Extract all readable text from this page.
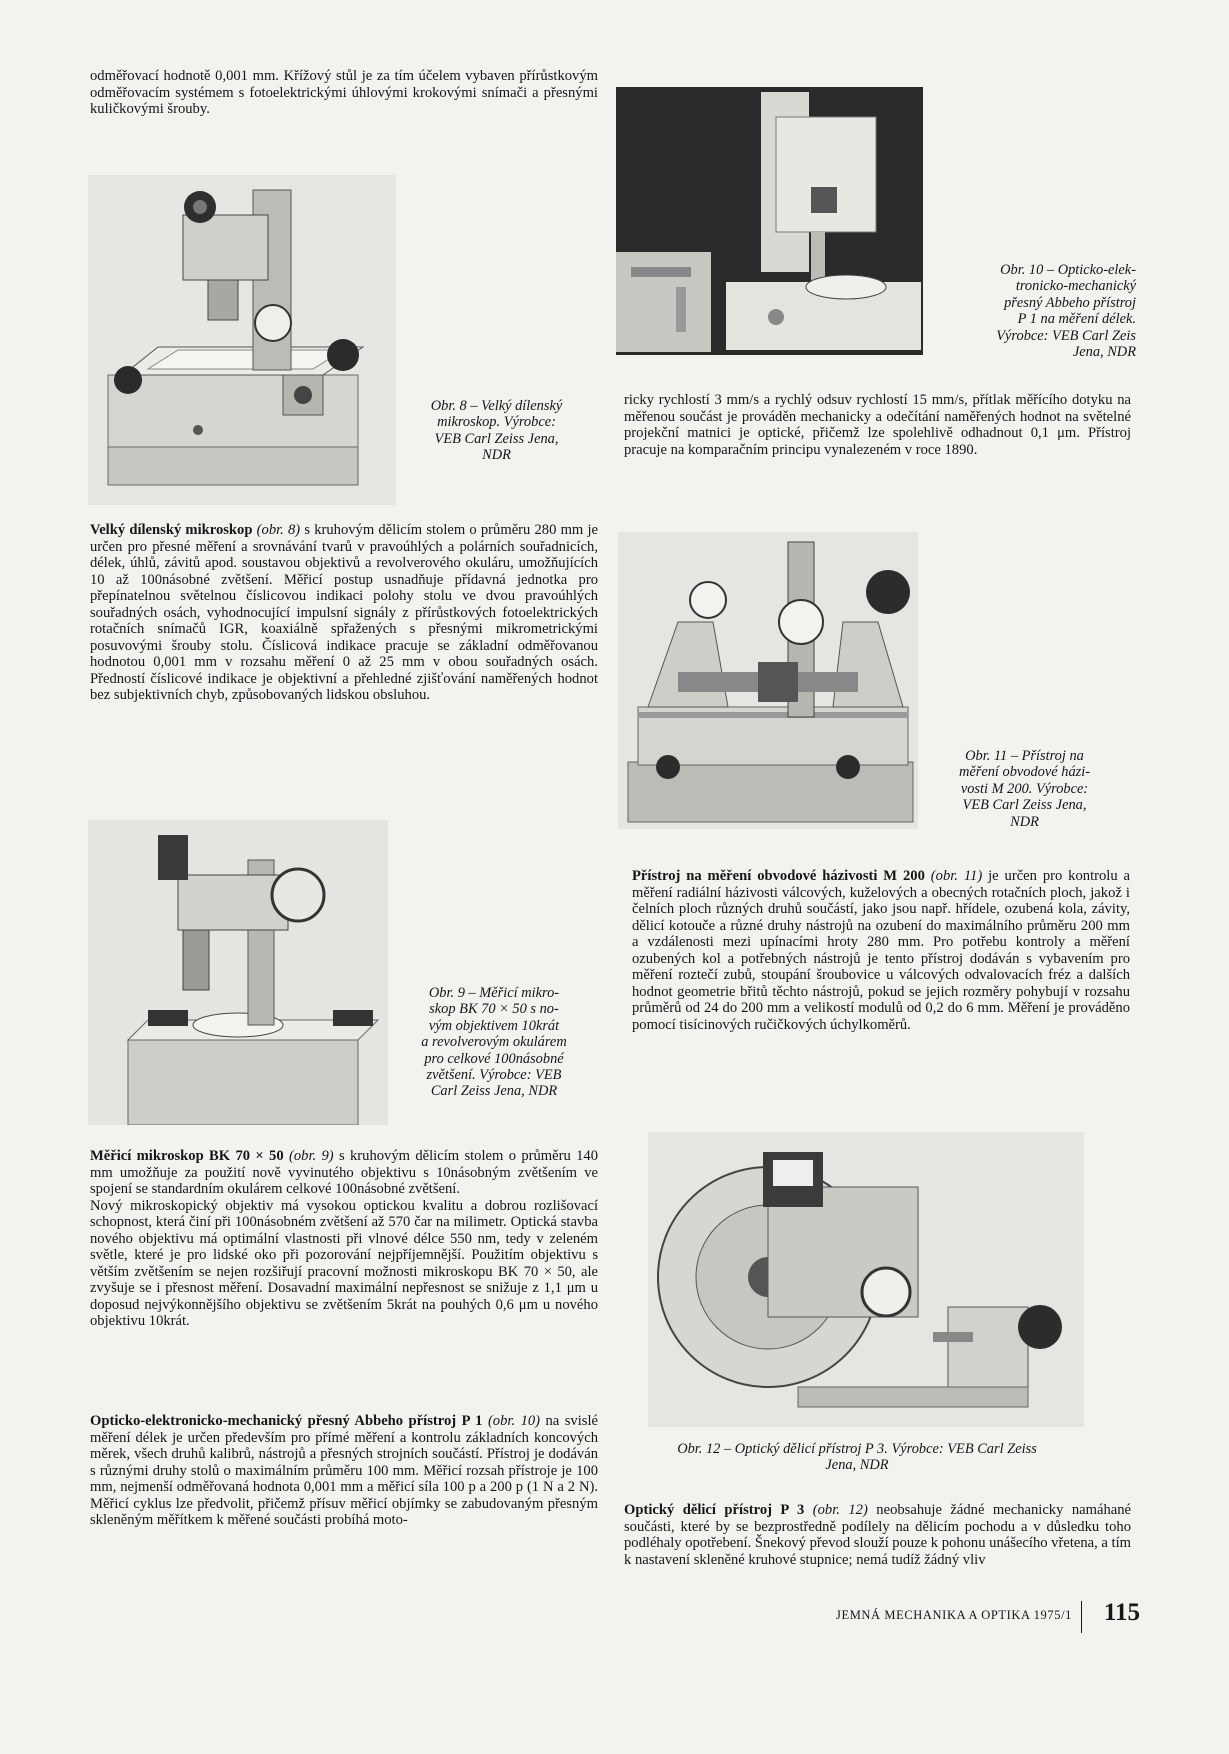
odměřovací hodnotě 0,001 mm. Křížový stůl je za tím účelem vybaven přírůstkovým odměřovacím systémem s fotoelektrickými úhlovými krokovými snímači a přesnými kuličkovými šrouby.

Obr. 8 – Velký dílenský
mikroskop. Výrobce:
VEB Carl Zeiss Jena,
NDR

Velký dílenský mikroskop (obr. 8) s kruhovým dělicím stolem o průměru 280 mm je určen pro přesné měření a srovnávání tvarů v pravoúhlých a polárních souřadnicích, délek, úhlů, závitů apod. soustavou objektivů a revolverového okuláru, umožňujících 10 až 100násobné zvětšení. Měřicí postup usnadňuje přídavná jednotka pro přepínatelnou světelnou číslicovou indikaci polohy stolu ve dvou pravoúhlých souřadných osách, vyhodnocující impulsní signály z přírůstkových fotoelektrických rotačních snímačů IGR, koaxiálně spřažených s přesnými mikrometrickými posuvovými šrouby stolu. Číslicová indikace pracuje se základní odměřovanou hodnotou 0,001 mm v rozsahu měření 0 až 25 mm v obou souřadných osách. Předností číslicové indikace je objektivní a přehledné zjišťování naměřených hodnot bez subjektivních chyb, způsobovaných lidskou obsluhou.

Obr. 9 – Měřicí mikro-
skop BK 70 × 50 s no-
vým objektivem 10krát
a revolverovým okulárem
pro celkové 100násobné
zvětšení. Výrobce: VEB
Carl Zeiss Jena, NDR

Měřicí mikroskop BK 70 × 50 (obr. 9) s kruhovým dělicím stolem o průměru 140 mm umožňuje za použití nově vyvinutého objektivu s 10násobným zvětšením ve spojení se standardním okulárem celkové 100násobné zvětšení.

Nový mikroskopický objektiv má vysokou optickou kvalitu a dobrou rozlišovací schopnost, která činí při 100násobném zvětšení až 570 čar na milimetr. Optická stavba nového objektivu má optimální vlastnosti při vlnové délce 550 nm, tedy v zeleném světle, které je pro lidské oko při pozorování nejpříjemnější. Použitím objektivu s větším zvětšením se nejen rozšiřují pracovní možnosti mikroskopu BK 70 × 50, ale zvyšuje se i přesnost měření. Dosavadní maximální nepřesnost se snižuje z 1,1 μm u doposud nejvýkonnějšího objektivu se zvětšením 5krát na pouhých 0,6 μm u nového objektivu 10krát.

Opticko-elektronicko-mechanický přesný Abbeho přístroj P 1 (obr. 10) na svislé měření délek je určen především pro přímé měření a kontrolu základních koncových měrek, všech druhů kalibrů, nástrojů a přesných strojních součástí. Přístroj je dodáván s různými druhy stolů o maximálním průměru 100 mm. Měřicí rozsah přístroje je 100 mm, nejmenší odměřovaná hodnota 0,001 mm a měřicí síla 100 p a 200 p (1 N a 2 N). Měřicí cyklus lze předvolit, přičemž přísuv měřicí objímky se zabudovaným přesným skleněným měřítkem k měřené součásti probíhá moto-

Obr. 10 – Opticko-elek-
tronicko-mechanický
přesný Abbeho přístroj
P 1 na měření délek.
Výrobce: VEB Carl Zeis
Jena, NDR

ricky rychlostí 3 mm/s a rychlý odsuv rychlostí 15 mm/s, přítlak měřícího dotyku na měřenou součást je prováděn mechanicky a odečítání naměřených hodnot na světelné projekční matnici je optické, přičemž lze spolehlivě odhadnout 0,1 μm. Přístroj pracuje na komparačním principu vynalezeném v roce 1890.

Obr. 11 – Přístroj na
měření obvodové házi-
vosti M 200. Výrobce:
VEB Carl Zeiss Jena,
NDR

Přístroj na měření obvodové házivosti M 200 (obr. 11) je určen pro kontrolu a měření radiální házivosti válcových, kuželových a obecných rotačních ploch, jakož i čelních ploch různých druhů součástí, jako jsou např. hřídele, ozubená kola, závity, dělicí kotouče a různé druhy nástrojů na ozubení do maximálního průměru 200 mm a vzdálenosti mezi upínacími hroty 280 mm. Pro potřebu kontroly a měření ozubených kol a potřebných nástrojů je tento přístroj dodáván s vybavením pro měření roztečí zubů, stoupání šroubovice u válcových odvalovacích fréz a dalších hodnot geometrie břitů těchto nástrojů, pokud se jejich rozměry pohybují v rozsahu průměrů od 24 do 200 mm a velikostí modulů od 0,2 do 6 mm. Měření je prováděno pomocí tisícinových ručičkových úchylkoměrů.

Obr. 12 – Optický dělicí přístroj P 3. Výrobce: VEB Carl Zeiss
Jena, NDR

Optický dělicí přístroj P 3 (obr. 12) neobsahuje žádné mechanicky namáhané součásti, které by se bezprostředně podílely na dělicím pochodu a v důsledku toho podléhaly opotřebení. Šnekový převod slouží pouze k pohonu unášecího vřetena, a tím k nastavení skleněné kruhové stupnice; nemá tudíž žádný vliv

JEMNÁ MECHANIKA A OPTIKA 1975/1 115
